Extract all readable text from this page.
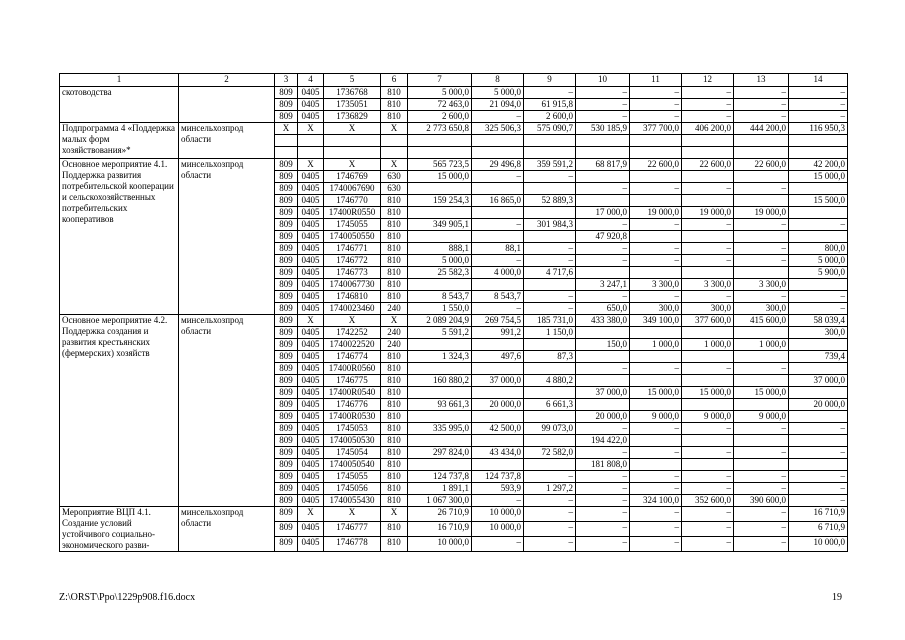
1	2	3	4	5	6	7	8	9	10	11	12	13	14
скотоводства		809	0405	1736768	810	5 000,0	5 000,0	–	–	–	–	–	–
		809	0405	1735051	810	72 463,0	21 094,0	61 915,8	–	–	–	–	–
		809	0405	1736829	810	2 600,0	–	2 600,0	–	–	–	–	–
Подпрограмма 4 «Поддержка малых форм хозяйствования»*	минсельхозпрод области	Х	Х	Х	Х	2 773 650,8	325 506,3	575 090,7	530 185,9	377 700,0	406 200,0	444 200,0	116 950,3

Основное мероприятие 4.1. Поддержка развития потребительской кооперации и сельскохозяйственных потребительских кооперативов	минсельхозпрод области	809	Х	Х	Х	565 723,5	29 496,8	359 591,2	68 817,9	22 600,0	22 600,0	22 600,0	42 200,0
		809	0405	1746769	630	15 000,0	–	–					15 000,0
		809	0405	1740067690	630				–	–	–	–	
		809	0405	1746770	810	159 254,3	16 865,0	52 889,3					15 500,0
		809	0405	17400R0550	810				17 000,0	19 000,0	19 000,0	19 000,0	
		809	0405	1745055	810	349 905,1	–	301 984,3	–	–	–	–	–
		809	0405	1740050550	810				47 920,8				
		809	0405	1746771	810	888,1	88,1	–	–	–	–	–	800,0
		809	0405	1746772	810	5 000,0	–	–	–	–	–	–	5 000,0
		809	0405	1746773	810	25 582,3	4 000,0	4 717,6					5 900,0
		809	0405	1740067730	810				3 247,1	3 300,0	3 300,0	3 300,0	
		809	0405	1746810	810	8 543,7	8 543,7	–	–	–	–	–	–
		809	0405	1740023460	240	1 550,0	–	–	650,0	300,0	300,0	300,0	–
Основное мероприятие 4.2. Поддержка создания и развития крестьянских (фермерских) хозяйств	минсельхозпрод области	809	Х	Х	Х	2 089 204,9	269 754,5	185 731,0	433 380,0	349 100,0	377 600,0	415 600,0	58 039,4
		809	0405	1742252	240	5 591,2	991,2	1 150,0					300,0
		809	0405	1740022520	240				150,0	1 000,0	1 000,0	1 000,0	
		809	0405	1746774	810	1 324,3	497,6	87,3					739,4
		809	0405	17400R0560	810				–	–	–	–	
		809	0405	1746775	810	160 880,2	37 000,0	4 880,2					37 000,0
		809	0405	17400R0540	810				37 000,0	15 000,0	15 000,0	15 000,0	
		809	0405	1746776	810	93 661,3	20 000,0	6 661,3					20 000,0
		809	0405	17400R0530	810				20 000,0	9 000,0	9 000,0	9 000,0	
		809	0405	1745053	810	335 995,0	42 500,0	99 073,0	–	–	–	–	–
		809	0405	1740050530	810				194 422,0				
		809	0405	1745054	810	297 824,0	43 434,0	72 582,0	–	–	–	–	–
		809	0405	1740050540	810				181 808,0				
		809	0405	1745055	810	124 737,8	124 737,8	–	–	–	–	–	–
		809	0405	1745056	810	1 891,1	593,9	1 297,2	–	–	–	–	–
		809	0405	1740055430	810	1 067 300,0	–	–	–	324 100,0	352 600,0	390 600,0	–
Мероприятие ВЦП 4.1. Создание условий устойчивого социально-экономического разви-	минсельхозпрод области	809	Х	Х	Х	26 710,9	10 000,0	–	–	–	–	–	16 710,9
		809	0405	1746777	810	16 710,9	10 000,0	–	–	–	–	–	6 710,9
		809	0405	1746778	810	10 000,0	–	–	–	–	–	–	10 000,0
Z:\ORST\Ppo\1229p908.f16.docx	19
